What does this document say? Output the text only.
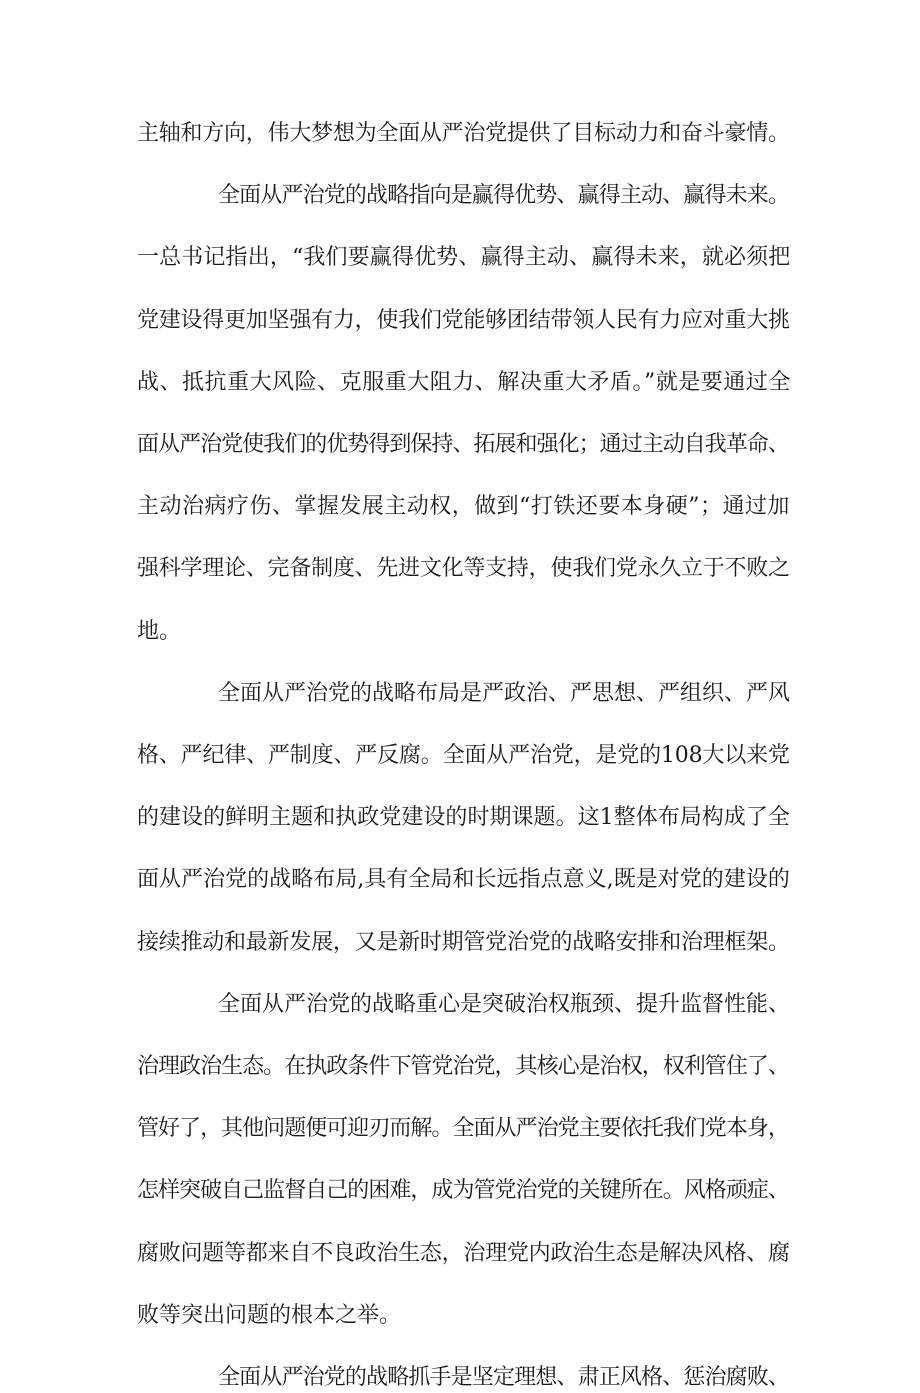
主轴和方向，伟大梦想为全面从严治党提供了目标动力和奋斗豪情。
全面从严治党的战略指向是赢得优势、赢得主动、赢得未来。
一总书记指出，“我们要赢得优势、赢得主动、赢得未来，就必须把
党建设得更加坚强有力，使我们党能够团结带领人民有力应对重大挑
战、抵抗重大风险、克服重大阻力、解决重大矛盾。”就是要通过全
面从严治党使我们的优势得到保持、拓展和强化；通过主动自我革命、
主动治病疗伤、掌握发展主动权，做到“打铁还要本身硬”；通过加
强科学理论、完备制度、先进文化等支持，使我们党永久立于不败之
地。
全面从严治党的战略布局是严政治、严思想、严组织、严风
格、严纪律、严制度、严反腐。全面从严治党，是党的108大以来党
的建设的鲜明主题和执政党建设的时期课题。这1整体布局构成了全
面从严治党的战略布局,具有全局和长远指点意义,既是对党的建设的
接续推动和最新发展，又是新时期管党治党的战略安排和治理框架。
全面从严治党的战略重心是突破治权瓶颈、提升监督性能、
治理政治生态。在执政条件下管党治党，其核心是治权，权利管住了、
管好了，其他问题便可迎刃而解。全面从严治党主要依托我们党本身，
怎样突破自己监督自己的困难，成为管党治党的关键所在。风格顽症、
腐败问题等都来自不良政治生态，治理党内政治生态是解决风格、腐
败等突出问题的根本之举。
全面从严治党的战略抓手是坚定理想、肃正风格、惩治腐败、
